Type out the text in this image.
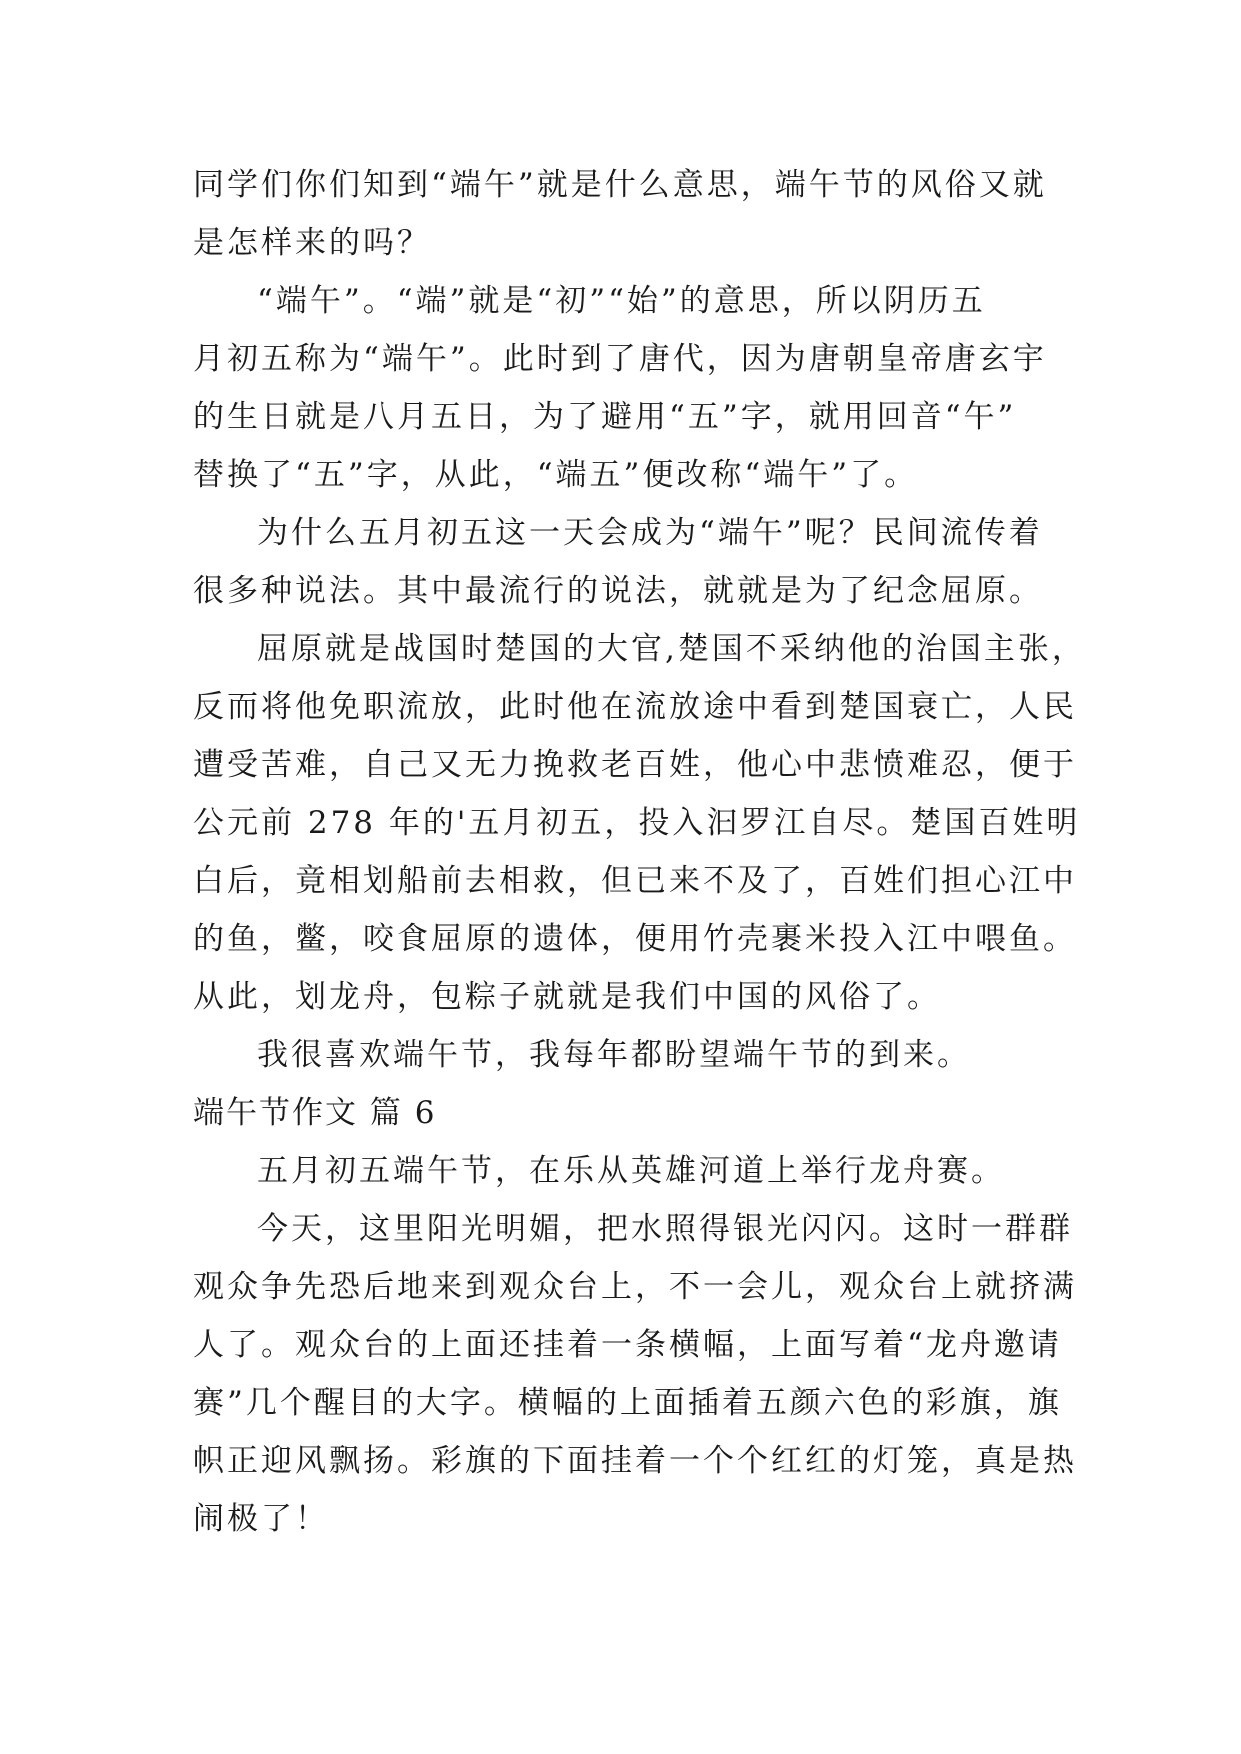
同学们你们知到“端午”就是什么意思，端午节的风俗又就
是怎样来的吗？
“端午”。“端”就是“初”“始”的意思，所以阴历五
月初五称为“端午”。此时到了唐代，因为唐朝皇帝唐玄宇
的生日就是八月五日，为了避用“五”字，就用回音“午”
替换了“五”字，从此，“端五”便改称“端午”了。
为什么五月初五这一天会成为“端午”呢？民间流传着
很多种说法。其中最流行的说法，就就是为了纪念屈原。
屈原就是战国时楚国的大官,楚国不采纳他的治国主张，
反而将他免职流放，此时他在流放途中看到楚国衰亡，人民
遭受苦难，自己又无力挽救老百姓，他心中悲愤难忍，便于
公元前 278 年的'五月初五，投入汩罗江自尽。楚国百姓明
白后，竟相划船前去相救，但已来不及了，百姓们担心江中
的鱼，鳖，咬食屈原的遗体，便用竹壳裹米投入江中喂鱼。
从此，划龙舟，包粽子就就是我们中国的风俗了。
我很喜欢端午节，我每年都盼望端午节的到来。
端午节作文 篇 6
五月初五端午节，在乐从英雄河道上举行龙舟赛。
今天，这里阳光明媚，把水照得银光闪闪。这时一群群
观众争先恐后地来到观众台上，不一会儿，观众台上就挤满
人了。观众台的上面还挂着一条横幅，上面写着“龙舟邀请
赛”几个醒目的大字。横幅的上面插着五颜六色的彩旗，旗
帜正迎风飘扬。彩旗的下面挂着一个个红红的灯笼，真是热
闹极了！
